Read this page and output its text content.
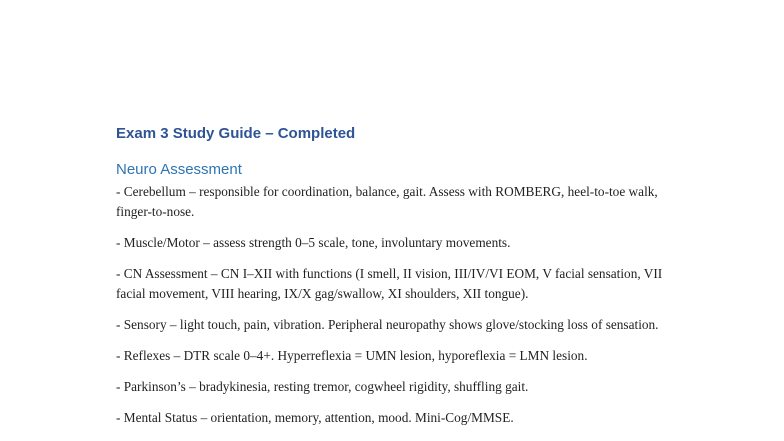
Exam 3 Study Guide – Completed
Neuro Assessment

- Cerebellum – responsible for coordination, balance, gait. Assess with ROMBERG, heel-to-toe walk, finger-to-nose.

- Muscle/Motor – assess strength 0–5 scale, tone, involuntary movements.

- CN Assessment – CN I–XII with functions (I smell, II vision, III/IV/VI EOM, V facial sensation, VII facial movement, VIII hearing, IX/X gag/swallow, XI shoulders, XII tongue).

- Sensory – light touch, pain, vibration. Peripheral neuropathy shows glove/stocking loss of sensation.

- Reflexes – DTR scale 0–4+. Hyperreflexia = UMN lesion, hyporeflexia = LMN lesion.

- Parkinson’s – bradykinesia, resting tremor, cogwheel rigidity, shuffling gait.

- Mental Status – orientation, memory, attention, mood. Mini-Cog/MMSE.
